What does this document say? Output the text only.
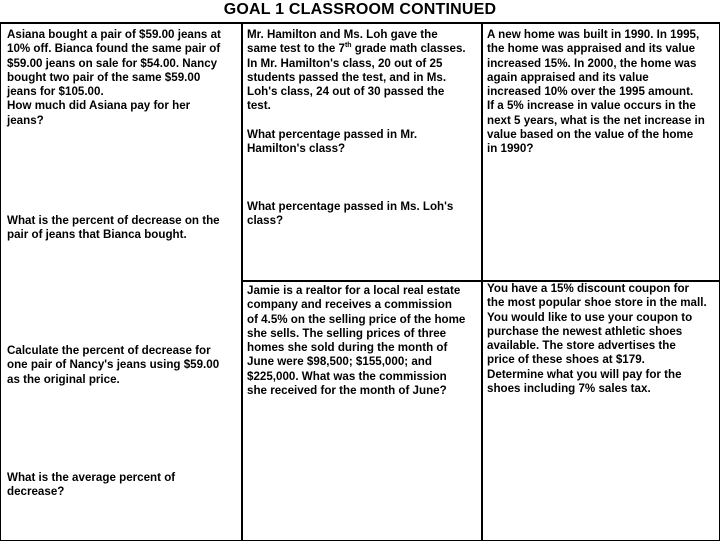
GOAL 1 CLASSROOM CONTINUED
Asiana bought a pair of $59.00 jeans at
10% off. Bianca found the same pair of
$59.00 jeans on sale for $54.00. Nancy
bought two pair of the same $59.00
jeans for $105.00.
How much did Asiana pay for her
jeans?
What is the percent of decrease on the
pair of jeans that Bianca bought.
Calculate the percent of decrease for
one pair of Nancy's jeans using $59.00
as the original price.
What is the average percent of
decrease?
Mr. Hamilton and Ms. Loh gave the
same test to the 7th grade math classes.
In Mr. Hamilton's class, 20 out of 25
students passed the test, and in Ms.
Loh's class, 24 out of 30 passed the
test.
What percentage passed in Mr.
Hamilton's class?
What percentage passed in Ms. Loh's
class?
Jamie is a realtor for a local real estate
company and receives a commission
of 4.5% on the selling price of the home
she sells. The selling prices of three
homes she sold during the month of
June were $98,500; $155,000; and
$225,000. What was the commission
she received for the month of June?
A new home was built in 1990. In 1995,
the home was appraised and its value
increased 15%. In 2000, the home was
again appraised and its value
increased 10% over the 1995 amount.
If a 5% increase in value occurs in the
next 5 years, what is the net increase in
value based on the value of the home
in 1990?
You have a 15% discount coupon for
the most popular shoe store in the mall.
You would like to use your coupon to
purchase the newest athletic shoes
available. The store advertises the
price of these shoes at $179.
Determine what you will pay for the
shoes including 7% sales tax.
